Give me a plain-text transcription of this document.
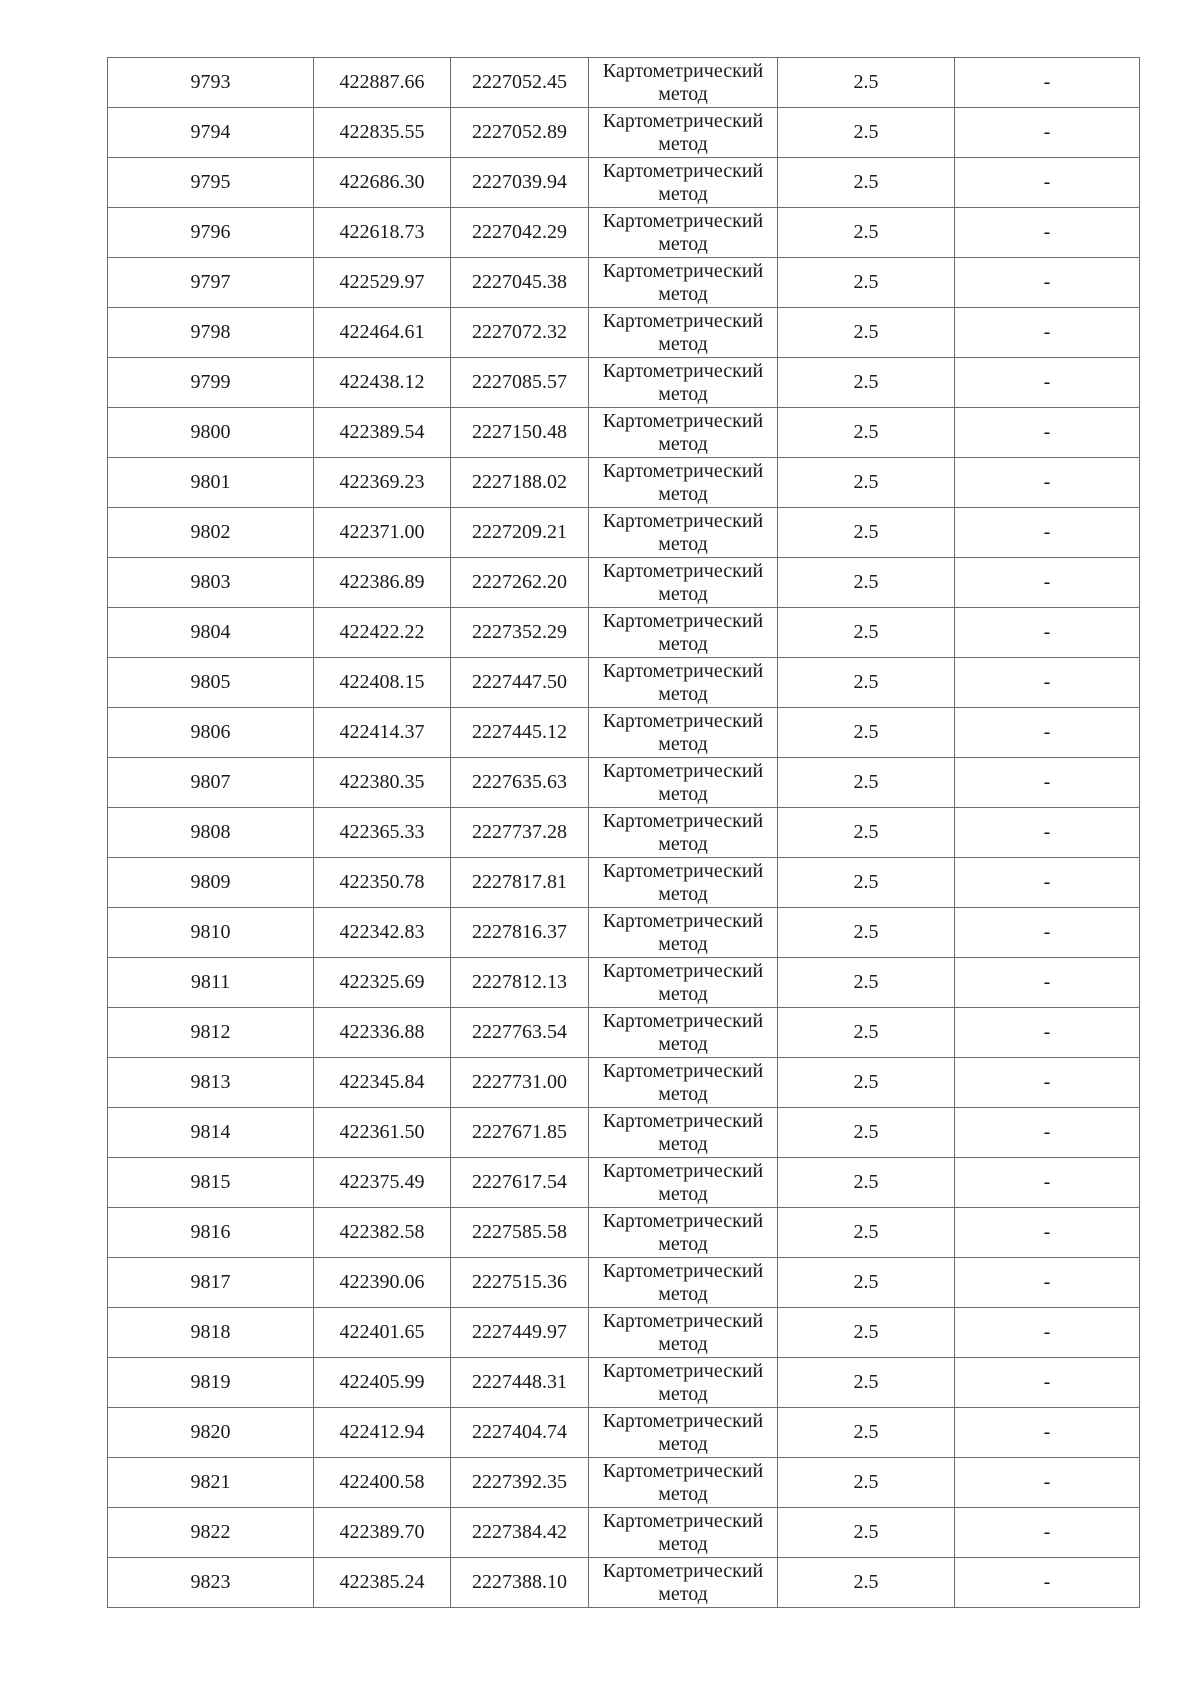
9793	422887.66	2227052.45	Картометрический
метод	2.5	-
9794	422835.55	2227052.89	Картометрический
метод	2.5	-
9795	422686.30	2227039.94	Картометрический
метод	2.5	-
9796	422618.73	2227042.29	Картометрический
метод	2.5	-
9797	422529.97	2227045.38	Картометрический
метод	2.5	-
9798	422464.61	2227072.32	Картометрический
метод	2.5	-
9799	422438.12	2227085.57	Картометрический
метод	2.5	-
9800	422389.54	2227150.48	Картометрический
метод	2.5	-
9801	422369.23	2227188.02	Картометрический
метод	2.5	-
9802	422371.00	2227209.21	Картометрический
метод	2.5	-
9803	422386.89	2227262.20	Картометрический
метод	2.5	-
9804	422422.22	2227352.29	Картометрический
метод	2.5	-
9805	422408.15	2227447.50	Картометрический
метод	2.5	-
9806	422414.37	2227445.12	Картометрический
метод	2.5	-
9807	422380.35	2227635.63	Картометрический
метод	2.5	-
9808	422365.33	2227737.28	Картометрический
метод	2.5	-
9809	422350.78	2227817.81	Картометрический
метод	2.5	-
9810	422342.83	2227816.37	Картометрический
метод	2.5	-
9811	422325.69	2227812.13	Картометрический
метод	2.5	-
9812	422336.88	2227763.54	Картометрический
метод	2.5	-
9813	422345.84	2227731.00	Картометрический
метод	2.5	-
9814	422361.50	2227671.85	Картометрический
метод	2.5	-
9815	422375.49	2227617.54	Картометрический
метод	2.5	-
9816	422382.58	2227585.58	Картометрический
метод	2.5	-
9817	422390.06	2227515.36	Картометрический
метод	2.5	-
9818	422401.65	2227449.97	Картометрический
метод	2.5	-
9819	422405.99	2227448.31	Картометрический
метод	2.5	-
9820	422412.94	2227404.74	Картометрический
метод	2.5	-
9821	422400.58	2227392.35	Картометрический
метод	2.5	-
9822	422389.70	2227384.42	Картометрический
метод	2.5	-
9823	422385.24	2227388.10	Картометрический
метод	2.5	-
